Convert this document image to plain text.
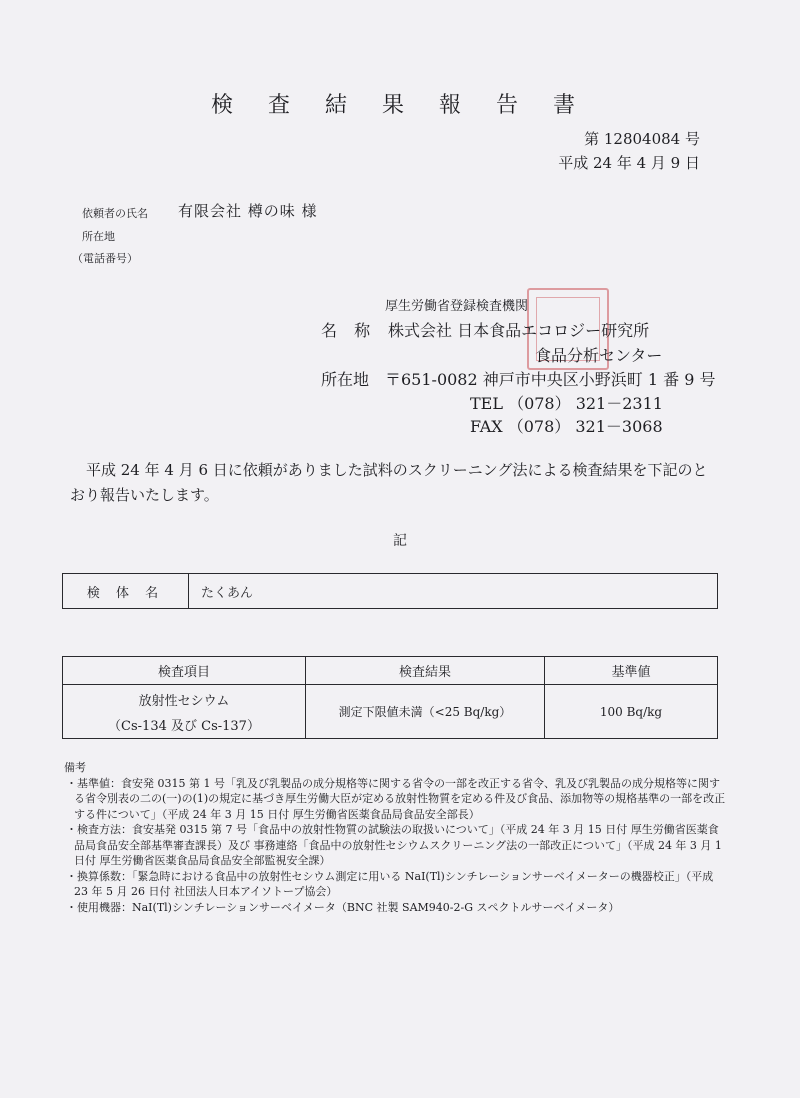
検 査 結 果 報 告 書
第 12804084 号
平成 24 年 4 月 9 日
依頼者の氏名 有限会社 樽の味 様
所在地
（電話番号）
厚生労働省登録検査機関
名 称 株式会社 日本食品エコロジー研究所
食品分析センター
所在地 〒651-0082 神戸市中央区小野浜町 1 番 9 号
TEL （078） 321－2311
FAX （078） 321－3068
平成 24 年 4 月 6 日に依頼がありました試料のスクリーニング法による検査結果を下記のとおり報告いたします。
記
検 体 名	たくあん
検査項目	検査結果	基準値

放射性セシウム
（Cs-134 及び Cs-137）	測定下限値未満（<25 Bq/kg）	100 Bq/kg
備考
・基準値：食安発 0315 第 1 号「乳及び乳製品の成分規格等に関する省令の一部を改正する省令、乳及び乳製品の成分規格等に関する省令別表の二の(一)の(1)の規定に基づき厚生労働大臣が定める放射性物質を定める件及び食品、添加物等の規格基準の一部を改正する件について」（平成 24 年 3 月 15 日付 厚生労働省医薬食品局食品安全部長）
・検査方法：食安基発 0315 第 7 号「食品中の放射性物質の試験法の取扱いについて」（平成 24 年 3 月 15 日付 厚生労働省医薬食品局食品安全部基準審査課長）及び 事務連絡「食品中の放射性セシウムスクリーニング法の一部改正について」（平成 24 年 3 月 1 日付 厚生労働省医薬食品局食品安全部監視安全課）
・換算係数：「緊急時における食品中の放射性セシウム測定に用いる NaI(Tl)シンチレーションサーベイメーターの機器校正」（平成 23 年 5 月 26 日付 社団法人日本アイソトープ協会）
・使用機器：NaI(Tl)シンチレーションサーベイメータ（BNC 社製 SAM940-2-G スペクトルサーベイメータ）
